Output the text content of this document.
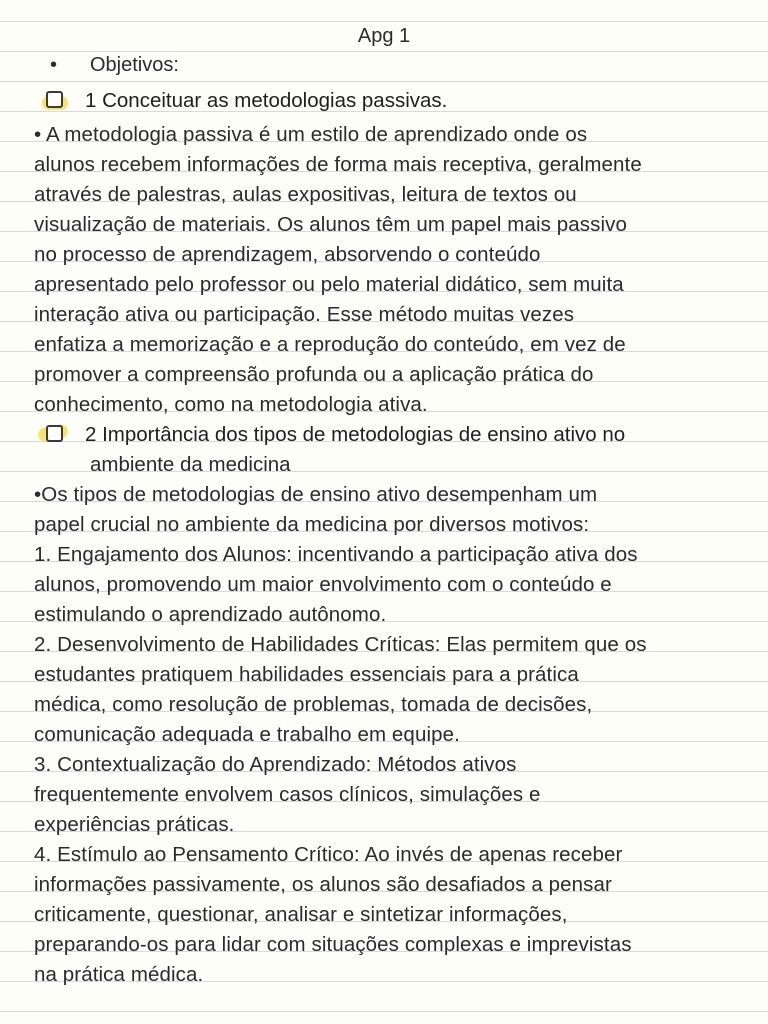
Apg 1
• Objetivos:
1 Conceituar as metodologias passivas.
• A metodologia passiva é um estilo de aprendizado onde os
alunos recebem informações de forma mais receptiva, geralmente
através de palestras, aulas expositivas, leitura de textos ou
visualização de materiais. Os alunos têm um papel mais passivo
no processo de aprendizagem, absorvendo o conteúdo
apresentado pelo professor ou pelo material didático, sem muita
interação ativa ou participação. Esse método muitas vezes
enfatiza a memorização e a reprodução do conteúdo, em vez de
promover a compreensão profunda ou a aplicação prática do
conhecimento, como na metodologia ativa.
2 Importância dos tipos de metodologias de ensino ativo no
ambiente da medicina
•Os tipos de metodologias de ensino ativo desempenham um
papel crucial no ambiente da medicina por diversos motivos:
1. Engajamento dos Alunos: incentivando a participação ativa dos
alunos, promovendo um maior envolvimento com o conteúdo e
estimulando o aprendizado autônomo.
2. Desenvolvimento de Habilidades Críticas: Elas permitem que os
estudantes pratiquem habilidades essenciais para a prática
médica, como resolução de problemas, tomada de decisões,
comunicação adequada e trabalho em equipe.
3. Contextualização do Aprendizado: Métodos ativos
frequentemente envolvem casos clínicos, simulações e
experiências práticas.
4. Estímulo ao Pensamento Crítico: Ao invés de apenas receber
informações passivamente, os alunos são desafiados a pensar
criticamente, questionar, analisar e sintetizar informações,
preparando-os para lidar com situações complexas e imprevistas
na prática médica.
